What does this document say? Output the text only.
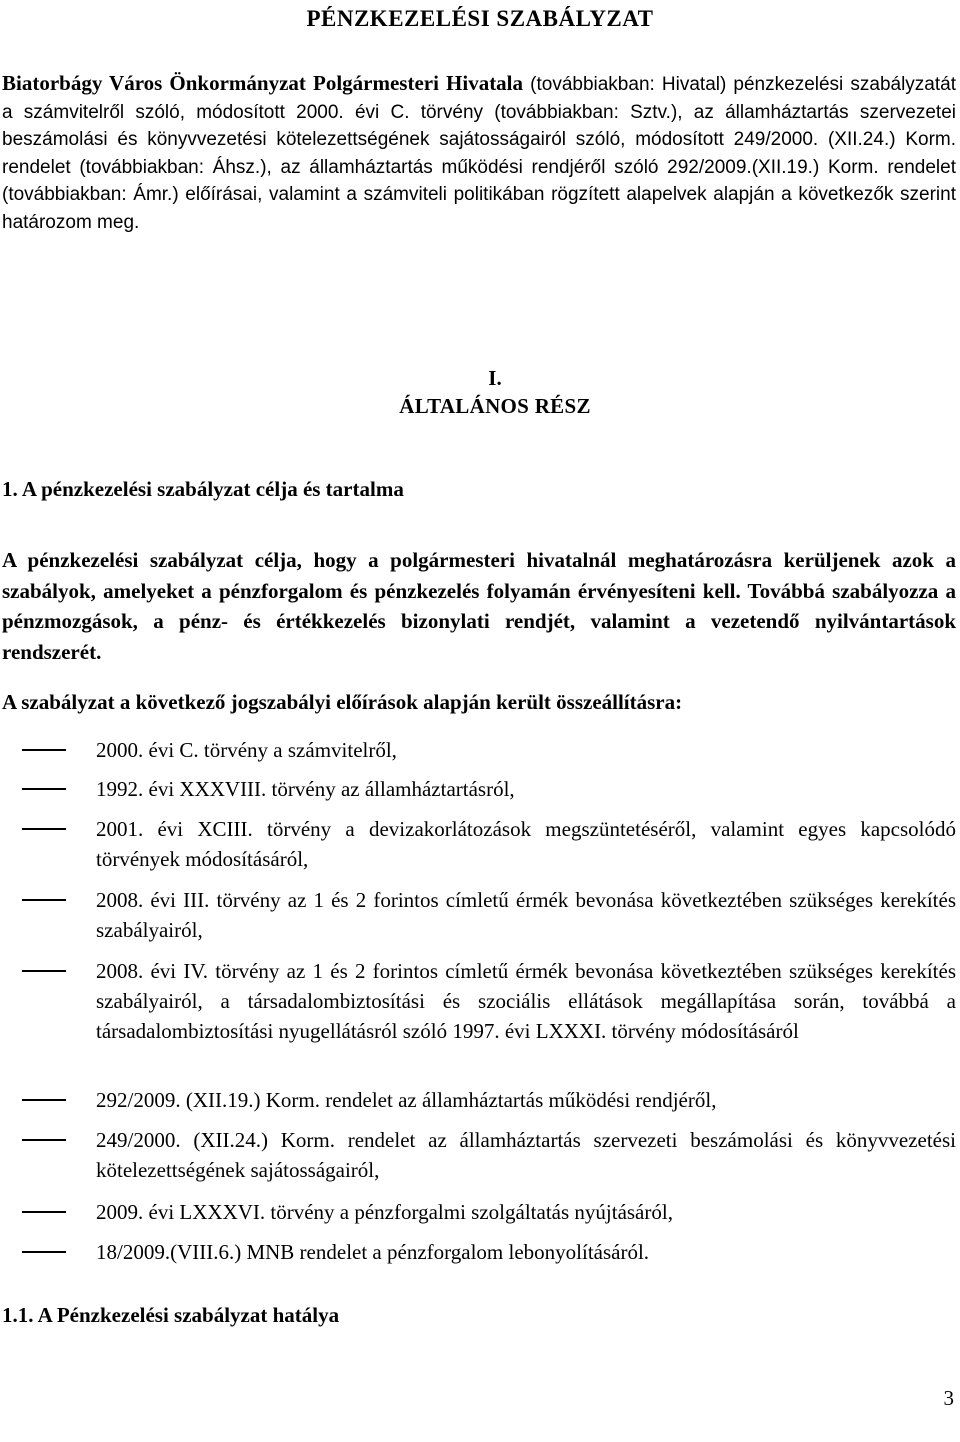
PÉNZKEZELÉSI SZABÁLYZAT

Biatorbágy Város Önkormányzat Polgármesteri Hivatala (továbbiakban: Hivatal) pénzkezelési szabályzatát a számvitelről szóló, módosított 2000. évi C. törvény (továbbiakban: Sztv.), az államháztartás szervezetei beszámolási és könyvvezetési kötelezettségének sajátosságairól szóló, módosított 249/2000. (XII.24.) Korm. rendelet (továbbiakban: Áhsz.), az államháztartás működési rendjéről szóló 292/2009.(XII.19.) Korm. rendelet (továbbiakban: Ámr.) előírásai, valamint a számviteli politikában rögzített alapelvek alapján a következők szerint határozom meg.

I.
ÁLTALÁNOS RÉSZ
1. A pénzkezelési szabályzat célja és tartalma

A pénzkezelési szabályzat célja, hogy a polgármesteri hivatalnál meghatározásra kerüljenek azok a szabályok, amelyeket a pénzforgalom és pénzkezelés folyamán érvényesíteni kell. Továbbá szabályozza a pénzmozgások, a pénz- és értékkezelés bizonylati rendjét, valamint a vezetendő nyilvántartások rendszerét.

A szabályzat a következő jogszabályi előírások alapján került összeállításra:
2000. évi C. törvény a számvitelről,
1992. évi XXXVIII. törvény az államháztartásról,
2001. évi XCIII. törvény a devizakorlátozások megszüntetéséről, valamint egyes kapcsolódó törvények módosításáról,
2008. évi III. törvény az 1 és 2 forintos címletű érmék bevonása következtében szükséges kerekítés szabályairól,
2008. évi IV. törvény az 1 és 2 forintos címletű érmék bevonása következtében szükséges kerekítés szabályairól, a társadalombiztosítási és szociális ellátások megállapítása során, továbbá a társadalombiztosítási nyugellátásról szóló 1997. évi LXXXI. törvény módosításáról
292/2009. (XII.19.) Korm. rendelet az államháztartás működési rendjéről,
249/2000. (XII.24.) Korm. rendelet az államháztartás szervezeti beszámolási és könyvvezetési kötelezettségének sajátosságairól,
2009. évi LXXXVI. törvény a pénzforgalmi szolgáltatás nyújtásáról,
18/2009.(VIII.6.) MNB rendelet a pénzforgalom lebonyolításáról.
1.1. A Pénzkezelési szabályzat hatálya
3
